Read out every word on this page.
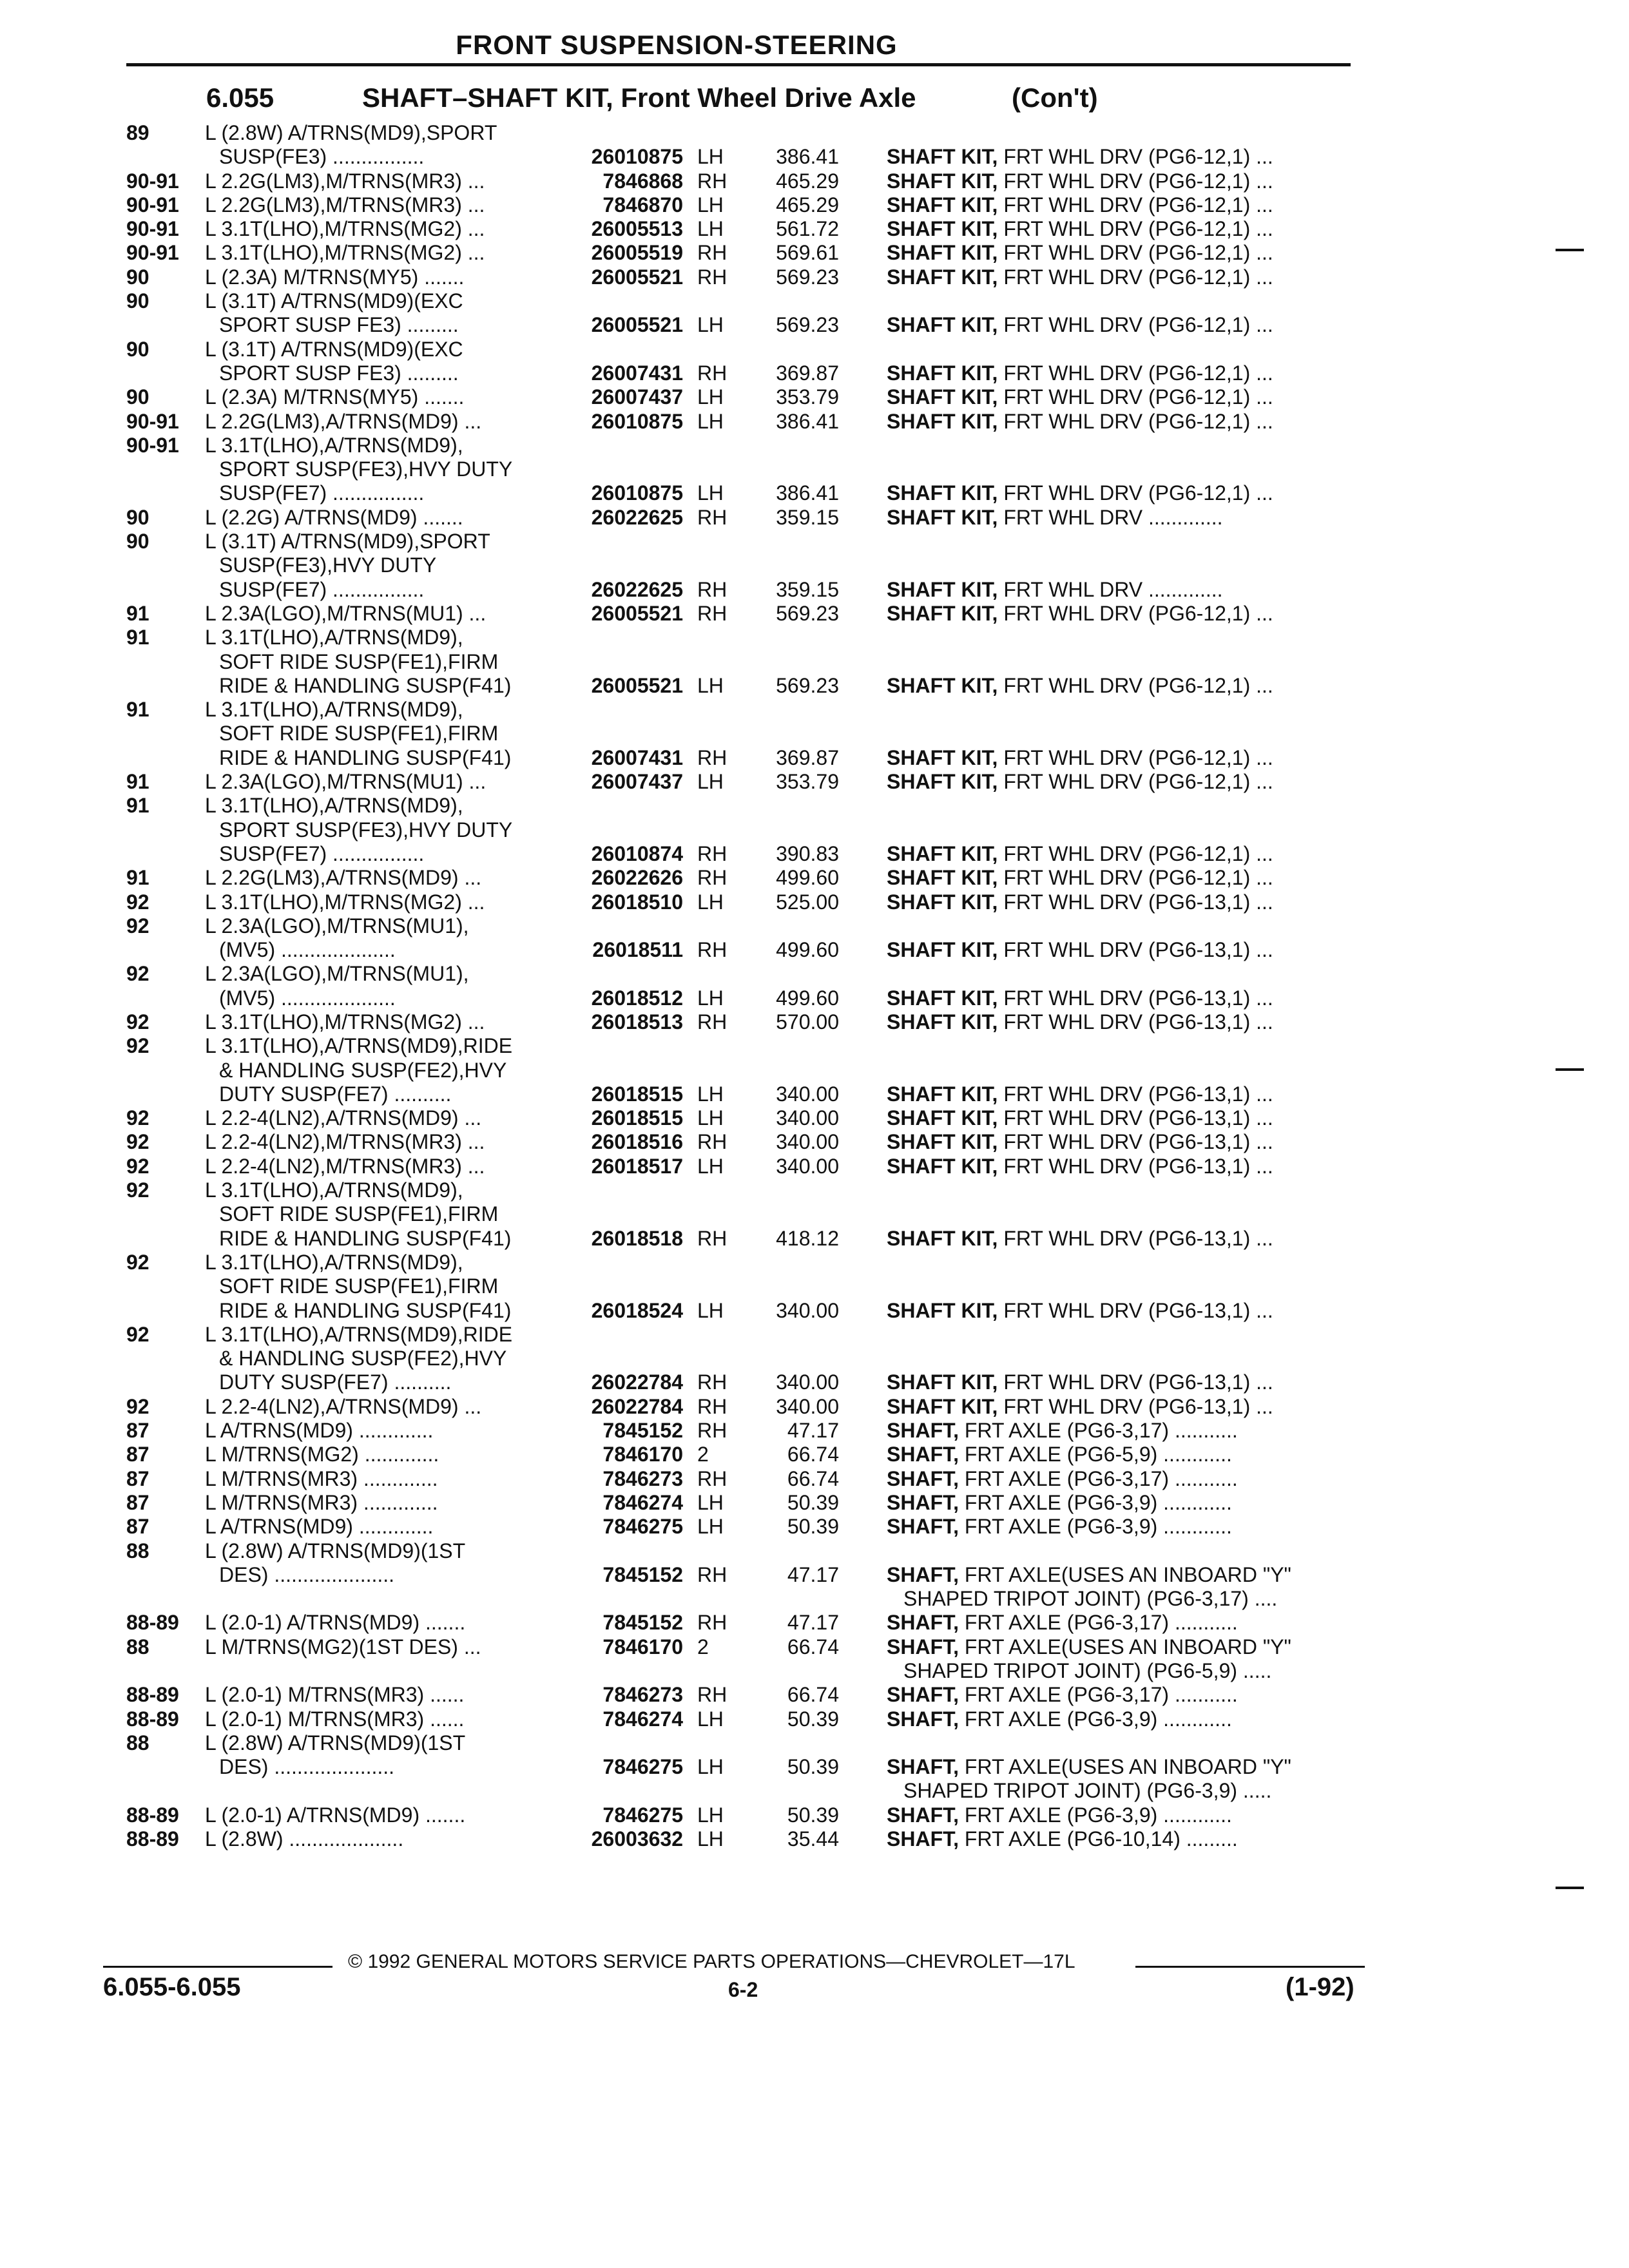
FRONT SUSPENSION-STEERING
6.055	SHAFT–SHAFT KIT, Front Wheel Drive Axle	(Con't)
89	L (2.8W) A/TRNS(MD9),SPORT
SUSP(FE3) ................	26010875 LH	386.41 SHAFT KIT, FRT WHL DRV (PG6-12,1) ...
90-91 L 2.2G(LM3),M/TRNS(MR3) ...	7846868 RH 465.29 SHAFT KIT, FRT WHL DRV (PG6-12,1) ...
90-91 L 2.2G(LM3),M/TRNS(MR3) ...	7846870 LH	465.29 SHAFT KIT, FRT WHL DRV (PG6-12,1) ...
90-91 L 3.1T(LHO),M/TRNS(MG2) ...	26005513 LH	561.72 SHAFT KIT, FRT WHL DRV (PG6-12,1) ...
90-91 L 3.1T(LHO),M/TRNS(MG2) ...	26005519 RH 569.61 SHAFT KIT, FRT WHL DRV (PG6-12,1) ...
90	L (2.3A) M/TRNS(MY5) .......	26005521 RH 569.23 SHAFT KIT, FRT WHL DRV (PG6-12,1) ...
90	L (3.1T) A/TRNS(MD9)(EXC
SPORT SUSP FE3) .........	26005521 LH	569.23 SHAFT KIT, FRT WHL DRV (PG6-12,1) ...
90	L (3.1T) A/TRNS(MD9)(EXC
SPORT SUSP FE3) .........	26007431 RH 369.87 SHAFT KIT, FRT WHL DRV (PG6-12,1) ...
90	L (2.3A) M/TRNS(MY5) .......	26007437 LH	353.79 SHAFT KIT, FRT WHL DRV (PG6-12,1) ...
90-91 L 2.2G(LM3),A/TRNS(MD9) ...	26010875 LH	386.41 SHAFT KIT, FRT WHL DRV (PG6-12,1) ...
90-91 L 3.1T(LHO),A/TRNS(MD9),
SPORT SUSP(FE3),HVY DUTY
SUSP(FE7) ................	26010875 LH	386.41 SHAFT KIT, FRT WHL DRV (PG6-12,1) ...
90	L (2.2G) A/TRNS(MD9) .......	26022625 RH 359.15 SHAFT KIT, FRT WHL DRV .............
90	L (3.1T) A/TRNS(MD9),SPORT
SUSP(FE3),HVY DUTY
SUSP(FE7) ................	26022625 RH 359.15 SHAFT KIT, FRT WHL DRV .............
91	L 2.3A(LGO),M/TRNS(MU1) ...	26005521 RH 569.23 SHAFT KIT, FRT WHL DRV (PG6-12,1) ...
91	L 3.1T(LHO),A/TRNS(MD9),
SOFT RIDE SUSP(FE1),FIRM
RIDE & HANDLING SUSP(F41)	26005521 LH	569.23 SHAFT KIT, FRT WHL DRV (PG6-12,1) ...
91	L 3.1T(LHO),A/TRNS(MD9),
SOFT RIDE SUSP(FE1),FIRM
RIDE & HANDLING SUSP(F41)	26007431 RH 369.87 SHAFT KIT, FRT WHL DRV (PG6-12,1) ...
91	L 2.3A(LGO),M/TRNS(MU1) ...	26007437 LH	353.79 SHAFT KIT, FRT WHL DRV (PG6-12,1) ...
91	L 3.1T(LHO),A/TRNS(MD9),
SPORT SUSP(FE3),HVY DUTY
SUSP(FE7) ................	26010874 RH 390.83 SHAFT KIT, FRT WHL DRV (PG6-12,1) ...
91	L 2.2G(LM3),A/TRNS(MD9) ...	26022626 RH 499.60 SHAFT KIT, FRT WHL DRV (PG6-12,1) ...
92	L 3.1T(LHO),M/TRNS(MG2) ...	26018510 LH	525.00 SHAFT KIT, FRT WHL DRV (PG6-13,1) ...
92	L 2.3A(LGO),M/TRNS(MU1),
(MV5) ....................	26018511 RH 499.60 SHAFT KIT, FRT WHL DRV (PG6-13,1) ...
92	L 2.3A(LGO),M/TRNS(MU1),
(MV5) ....................	26018512 LH	499.60 SHAFT KIT, FRT WHL DRV (PG6-13,1) ...
92	L 3.1T(LHO),M/TRNS(MG2) ...	26018513 RH 570.00 SHAFT KIT, FRT WHL DRV (PG6-13,1) ...
92	L 3.1T(LHO),A/TRNS(MD9),RIDE
& HANDLING SUSP(FE2),HVY
DUTY SUSP(FE7) ..........	26018515 LH	340.00 SHAFT KIT, FRT WHL DRV (PG6-13,1) ...
92	L 2.2-4(LN2),A/TRNS(MD9) ...	26018515 LH	340.00 SHAFT KIT, FRT WHL DRV (PG6-13,1) ...
92	L 2.2-4(LN2),M/TRNS(MR3) ...	26018516 RH 340.00 SHAFT KIT, FRT WHL DRV (PG6-13,1) ...
92	L 2.2-4(LN2),M/TRNS(MR3) ...	26018517 LH	340.00 SHAFT KIT, FRT WHL DRV (PG6-13,1) ...
92	L 3.1T(LHO),A/TRNS(MD9),
SOFT RIDE SUSP(FE1),FIRM
RIDE & HANDLING SUSP(F41)	26018518 RH 418.12 SHAFT KIT, FRT WHL DRV (PG6-13,1) ...
92	L 3.1T(LHO),A/TRNS(MD9),
SOFT RIDE SUSP(FE1),FIRM
RIDE & HANDLING SUSP(F41)	26018524 LH	340.00 SHAFT KIT, FRT WHL DRV (PG6-13,1) ...
92	L 3.1T(LHO),A/TRNS(MD9),RIDE
& HANDLING SUSP(FE2),HVY
DUTY SUSP(FE7) ..........	26022784 RH 340.00 SHAFT KIT, FRT WHL DRV (PG6-13,1) ...
92	L 2.2-4(LN2),A/TRNS(MD9) ...	26022784 RH 340.00 SHAFT KIT, FRT WHL DRV (PG6-13,1) ...
87	L A/TRNS(MD9) .............	7845152 RH	47.17 SHAFT, FRT AXLE (PG6-3,17) ...........
87	L M/TRNS(MG2) .............	7846170 2	66.74 SHAFT, FRT AXLE (PG6-5,9) ............
87	L M/TRNS(MR3) .............	7846273 RH	66.74 SHAFT, FRT AXLE (PG6-3,17) ...........
87	L M/TRNS(MR3) .............	7846274 LH	50.39 SHAFT, FRT AXLE (PG6-3,9) ............
87	L A/TRNS(MD9) .............	7846275 LH	50.39 SHAFT, FRT AXLE (PG6-3,9) ............
88	L (2.8W) A/TRNS(MD9)(1ST
DES) .....................	7845152 RH	47.17 SHAFT, FRT AXLE(USES AN INBOARD "Y"
SHAPED TRIPOT JOINT) (PG6-3,17) ....
88-89 L (2.0-1) A/TRNS(MD9) .......	7845152 RH	47.17 SHAFT, FRT AXLE (PG6-3,17) ...........
88	L M/TRNS(MG2)(1ST DES) ...	7846170 2	66.74 SHAFT, FRT AXLE(USES AN INBOARD "Y"
SHAPED TRIPOT JOINT) (PG6-5,9) .....
88-89 L (2.0-1) M/TRNS(MR3) ......	7846273 RH	66.74 SHAFT, FRT AXLE (PG6-3,17) ...........
88-89 L (2.0-1) M/TRNS(MR3) ......	7846274 LH	50.39 SHAFT, FRT AXLE (PG6-3,9) ............
88	L (2.8W) A/TRNS(MD9)(1ST
DES) .....................	7846275 LH	50.39 SHAFT, FRT AXLE(USES AN INBOARD "Y"
SHAPED TRIPOT JOINT) (PG6-3,9) .....
88-89 L (2.0-1) A/TRNS(MD9) .......	7846275 LH	50.39 SHAFT, FRT AXLE (PG6-3,9) ............
88-89 L (2.8W) ....................	26003632 LH	35.44 SHAFT, FRT AXLE (PG6-10,14) .........
© 1992 GENERAL MOTORS SERVICE PARTS OPERATIONS—CHEVROLET—17L
6.055-6.055	6-2	(1-92)
